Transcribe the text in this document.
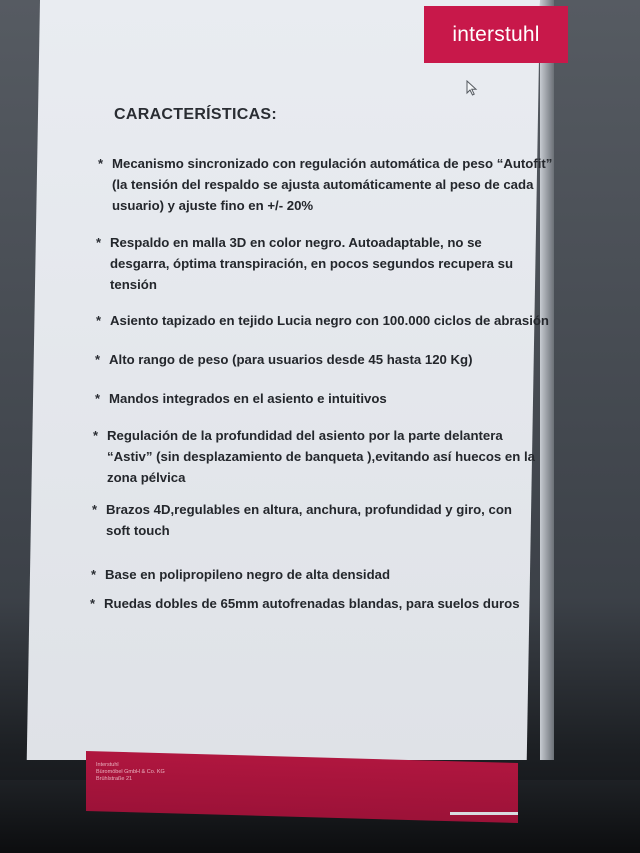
interstuhl
CARACTERÍSTICAS:
* Mecanismo sincronizado con regulación automática de peso “Autofit”
(la tensión del respaldo se ajusta automáticamente al peso de cada
usuario) y ajuste fino en +/- 20%
* Respaldo en malla 3D en color negro. Autoadaptable, no se
desgarra, óptima transpiración, en pocos segundos recupera su
tensión
* Asiento tapizado en tejido Lucia negro con 100.000 ciclos de abrasión
* Alto rango de peso (para usuarios desde 45 hasta 120 Kg)
* Mandos integrados en el asiento e intuitivos
* Regulación de la profundidad del asiento por la parte delantera
“Astiv” (sin desplazamiento de banqueta ),evitando así huecos en la
zona pélvica
* Brazos 4D,regulables en altura, anchura, profundidad y giro, con
soft touch
* Base en polipropileno negro de alta densidad
* Ruedas dobles de 65mm autofrenadas blandas, para suelos duros
Interstuhl
Büromöbel GmbH & Co. KG
Brühlstraße 21
